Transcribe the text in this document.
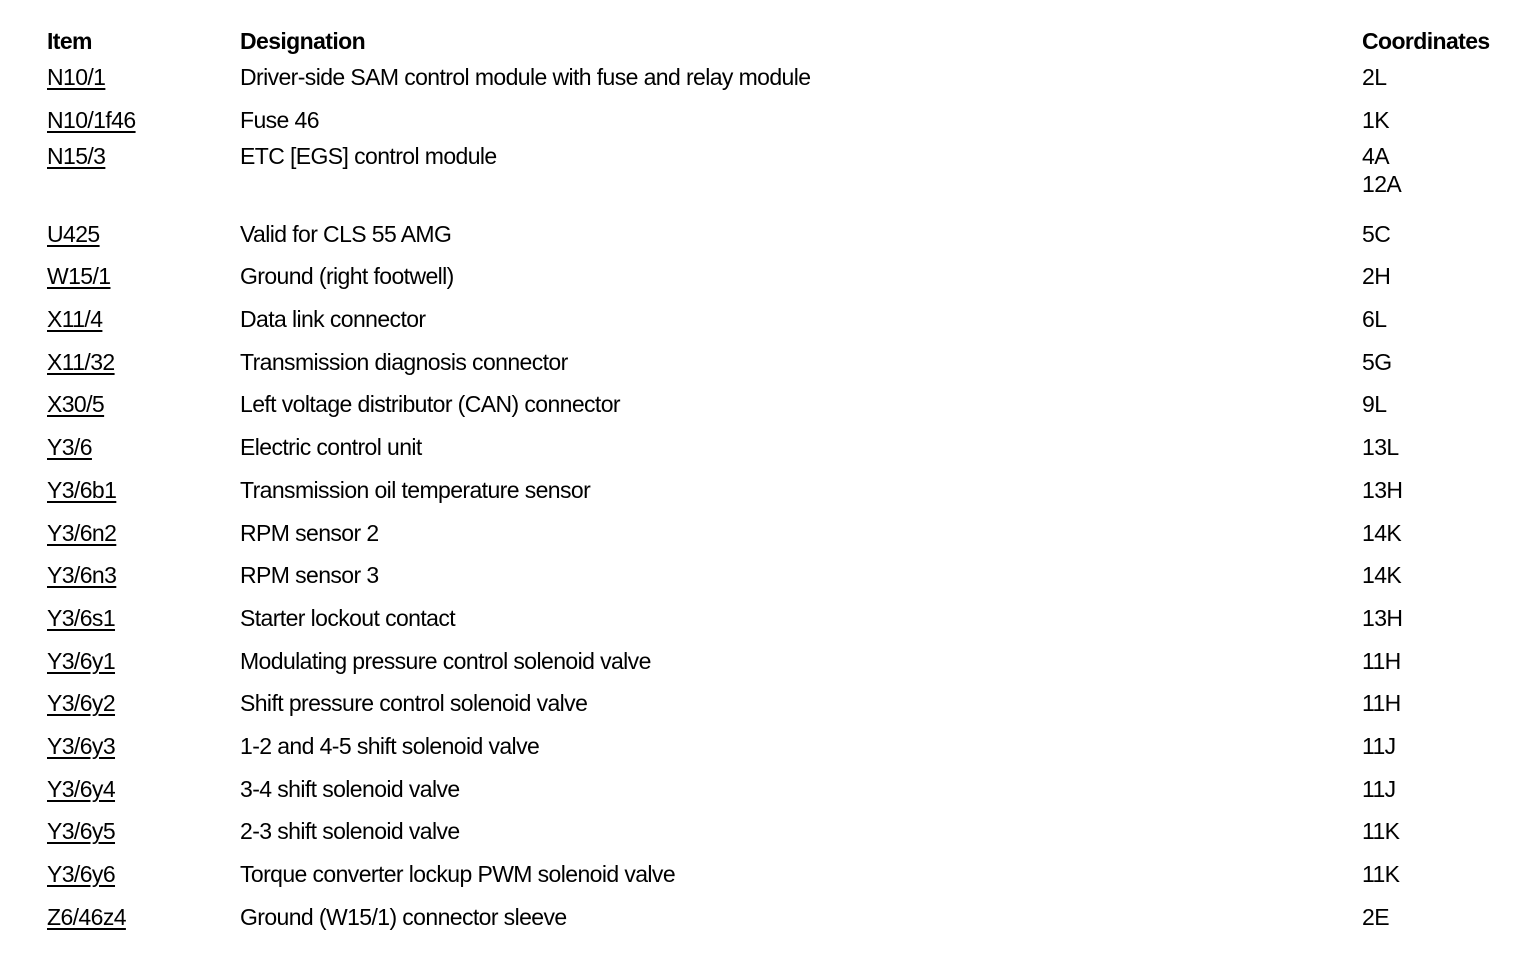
Item	Designation	Coordinates
N10/1	Driver-side SAM control module with fuse and relay module	2L

N10/1f46	Fuse 46	1K

N15/3	ETC [EGS] control module	4A
12A

U425	Valid for CLS 55 AMG	5C

W15/1	Ground (right footwell)	2H

X11/4	Data link connector	6L

X11/32	Transmission diagnosis connector	5G

X30/5	Left voltage distributor (CAN) connector	9L

Y3/6	Electric control unit	13L

Y3/6b1	Transmission oil temperature sensor	13H

Y3/6n2	RPM sensor 2	14K

Y3/6n3	RPM sensor 3	14K

Y3/6s1	Starter lockout contact	13H

Y3/6y1	Modulating pressure control solenoid valve	11H

Y3/6y2	Shift pressure control solenoid valve	11H

Y3/6y3	1-2 and 4-5 shift solenoid valve	11J

Y3/6y4	3-4 shift solenoid valve	11J

Y3/6y5	2-3 shift solenoid valve	11K

Y3/6y6	Torque converter lockup PWM solenoid valve	11K

Z6/46z4	Ground (W15/1) connector sleeve	2E
